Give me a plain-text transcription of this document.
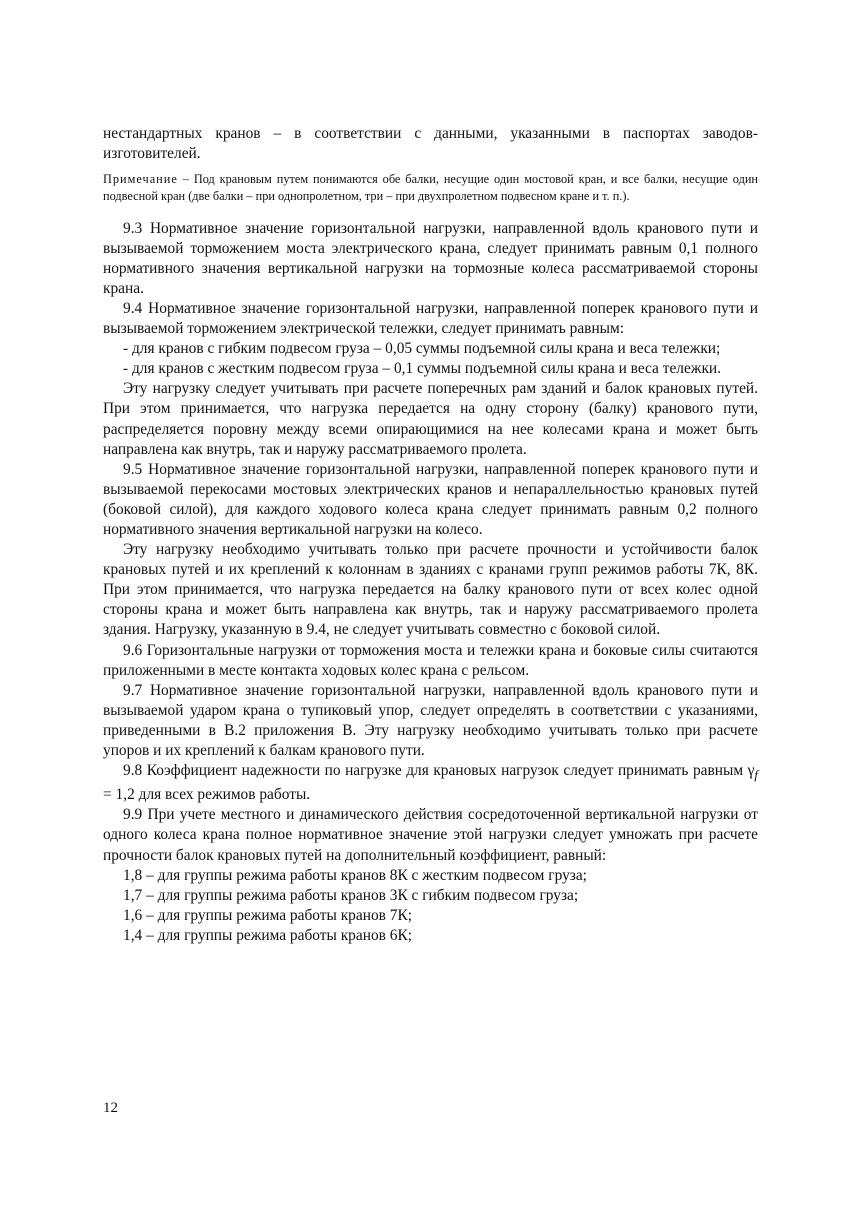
нестандартных кранов – в соответствии с данными, указанными в паспортах заводов-изготовителей.

Примечание – Под крановым путем понимаются обе балки, несущие один мостовой кран, и все балки, несущие один подвесной кран (две балки – при однопролетном, три – при двухпролетном подвесном кране и т. п.).

9.3 Нормативное значение горизонтальной нагрузки, направленной вдоль кранового пути и вызываемой торможением моста электрического крана, следует принимать равным 0,1 полного нормативного значения вертикальной нагрузки на тормозные колеса рассматриваемой стороны крана.

9.4 Нормативное значение горизонтальной нагрузки, направленной поперек кранового пути и вызываемой торможением электрической тележки, следует принимать равным:

- для кранов с гибким подвесом груза – 0,05 суммы подъемной силы крана и веса тележки;

- для кранов с жестким подвесом груза – 0,1 суммы подъемной силы крана и веса тележки.

Эту нагрузку следует учитывать при расчете поперечных рам зданий и балок крановых путей. При этом принимается, что нагрузка передается на одну сторону (балку) кранового пути, распределяется поровну между всеми опирающимися на нее колесами крана и может быть направлена как внутрь, так и наружу рассматриваемого пролета.

9.5 Нормативное значение горизонтальной нагрузки, направленной поперек кранового пути и вызываемой перекосами мостовых электрических кранов и непараллельностью крановых путей (боковой силой), для каждого ходового колеса крана следует принимать равным 0,2 полного нормативного значения вертикальной нагрузки на колесо.

Эту нагрузку необходимо учитывать только при расчете прочности и устойчивости балок крановых путей и их креплений к колоннам в зданиях с кранами групп режимов работы 7К, 8К. При этом принимается, что нагрузка передается на балку кранового пути от всех колес одной стороны крана и может быть направлена как внутрь, так и наружу рассматриваемого пролета здания. Нагрузку, указанную в 9.4, не следует учитывать совместно с боковой силой.

9.6 Горизонтальные нагрузки от торможения моста и тележки крана и боковые силы считаются приложенными в месте контакта ходовых колес крана с рельсом.

9.7 Нормативное значение горизонтальной нагрузки, направленной вдоль кранового пути и вызываемой ударом крана о тупиковый упор, следует определять в соответствии с указаниями, приведенными в В.2 приложения В. Эту нагрузку необходимо учитывать только при расчете упоров и их креплений к балкам кранового пути.

9.8 Коэффициент надежности по нагрузке для крановых нагрузок следует принимать равным $\gamma_f = 1,2$ для всех режимов работы.

9.9 При учете местного и динамического действия сосредоточенной вертикальной нагрузки от одного колеса крана полное нормативное значение этой нагрузки следует умножать при расчете прочности балок крановых путей на дополнительный коэффициент, равный:

1,8 – для группы режима работы кранов 8К с жестким подвесом груза;

1,7 – для группы режима работы кранов 3К с гибким подвесом груза;

1,6 – для группы режима работы кранов 7К;

1,4 – для группы режима работы кранов 6К;

12
